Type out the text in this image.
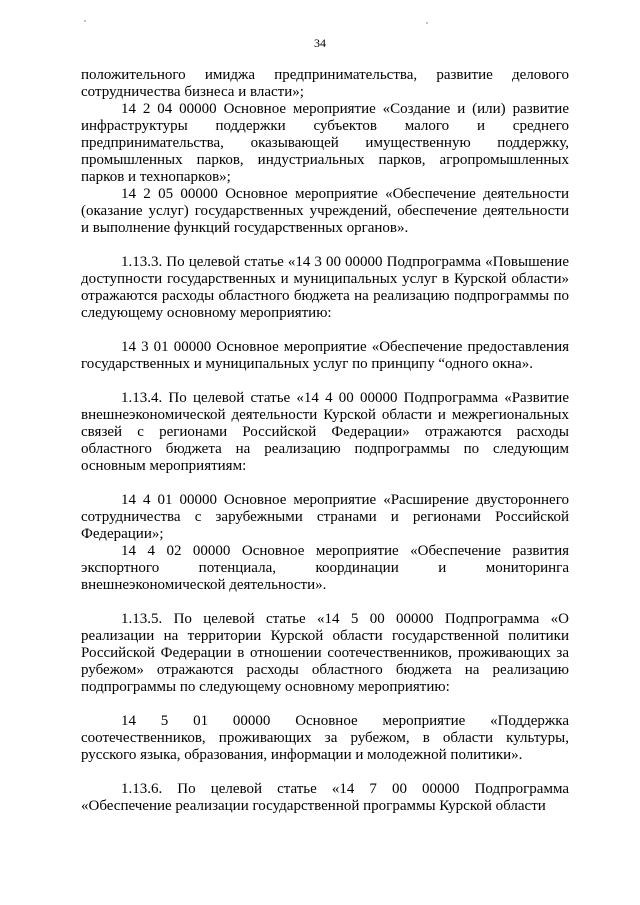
34

положительного имиджа предпринимательства, развитие делового сотрудничества бизнеса и власти»;

14 2 04 00000 Основное мероприятие «Создание и (или) развитие инфраструктуры поддержки субъектов малого и среднего предпринимательства, оказывающей имущественную поддержку, промышленных парков, индустриальных парков, агропромышленных парков и технопарков»;

14 2 05 00000 Основное мероприятие «Обеспечение деятельности (оказание услуг) государственных учреждений, обеспечение деятельности и выполнение функций государственных органов».

1.13.3. По целевой статье «14 3 00 00000 Подпрограмма «Повышение доступности государственных и муниципальных услуг в Курской области» отражаются расходы областного бюджета на реализацию подпрограммы по следующему основному мероприятию:

14 3 01 00000 Основное мероприятие «Обеспечение предоставления государственных и муниципальных услуг по принципу “одного окна».

1.13.4. По целевой статье «14 4 00 00000 Подпрограмма «Развитие внешнеэкономической деятельности Курской области и межрегиональных связей с регионами Российской Федерации» отражаются расходы областного бюджета на реализацию подпрограммы по следующим основным мероприятиям:

14 4 01 00000 Основное мероприятие «Расширение двустороннего сотрудничества с зарубежными странами и регионами Российской Федерации»;

14 4 02 00000 Основное мероприятие «Обеспечение развития экспортного потенциала, координации и мониторинга внешнеэкономической деятельности».

1.13.5. По целевой статье «14 5 00 00000 Подпрограмма «О реализации на территории Курской области государственной политики Российской Федерации в отношении соотечественников, проживающих за рубежом» отражаются расходы областного бюджета на реализацию подпрограммы по следующему основному мероприятию:

14 5 01 00000 Основное мероприятие «Поддержка соотечественников, проживающих за рубежом, в области культуры, русского языка, образования, информации и молодежной политики».

1.13.6. По целевой статье «14 7 00 00000 Подпрограмма «Обеспечение реализации государственной программы Курской области
